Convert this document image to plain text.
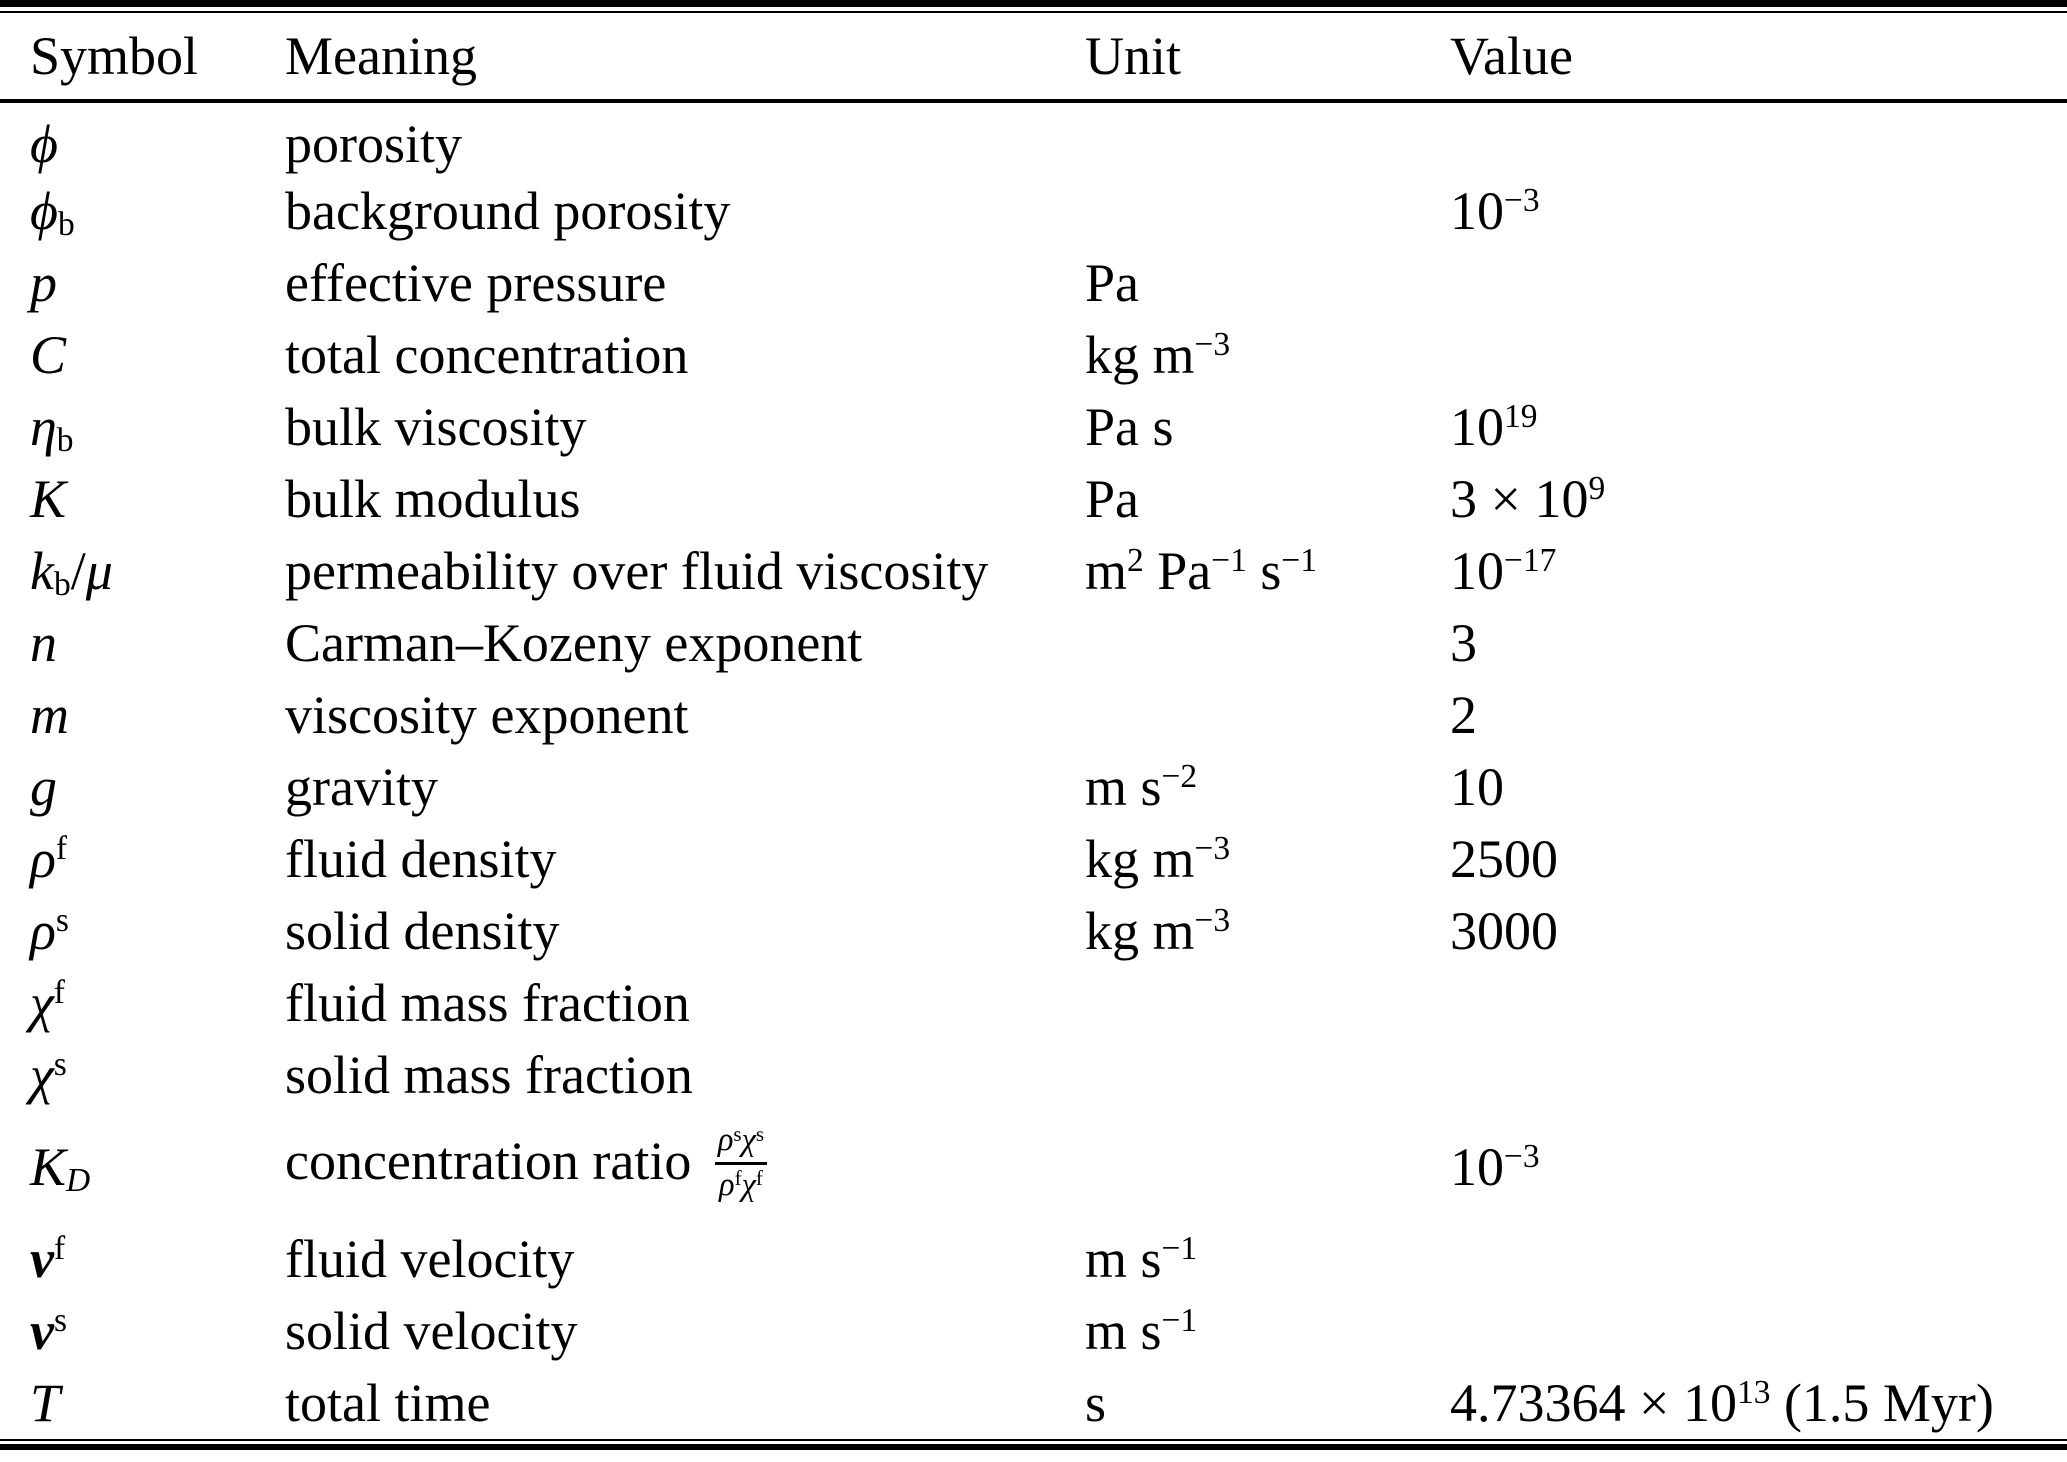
Symbol	Meaning	Unit	Value
ϕ	porosity		
$\phi_b$	background porosity		$10^{-3}$
p	effective pressure	Pa	
C	total concentration	kg $m^{-3}$	
$\eta_b$	bulk viscosity	Pa s	$10^{19}$
K	bulk modulus	Pa	$3 \times 10^9$
$k_b/\mu$	permeability over fluid viscosity	$m^2$ $Pa^{-1}$ $s^{-1}$	$10^{-17}$
n	Carman–Kozeny exponent		3
m	viscosity exponent		2
g	gravity	m $s^{-2}$	10
$\rho^f$	fluid density	kg $m^{-3}$	2500
$\rho^s$	solid density	kg $m^{-3}$	3000
$\chi^f$	fluid mass fraction		
$\chi^s$	solid mass fraction		
$K_D$	concentration ratio $\frac{\rho^s\chi^s}{\rho^f\chi^f}$		$10^{-3}$
$v^f$	fluid velocity	m $s^{-1}$	
$v^s$	solid velocity	m $s^{-1}$	
T	total time	s	$4.73364 \times 10^{13}$ (1.5 Myr)
